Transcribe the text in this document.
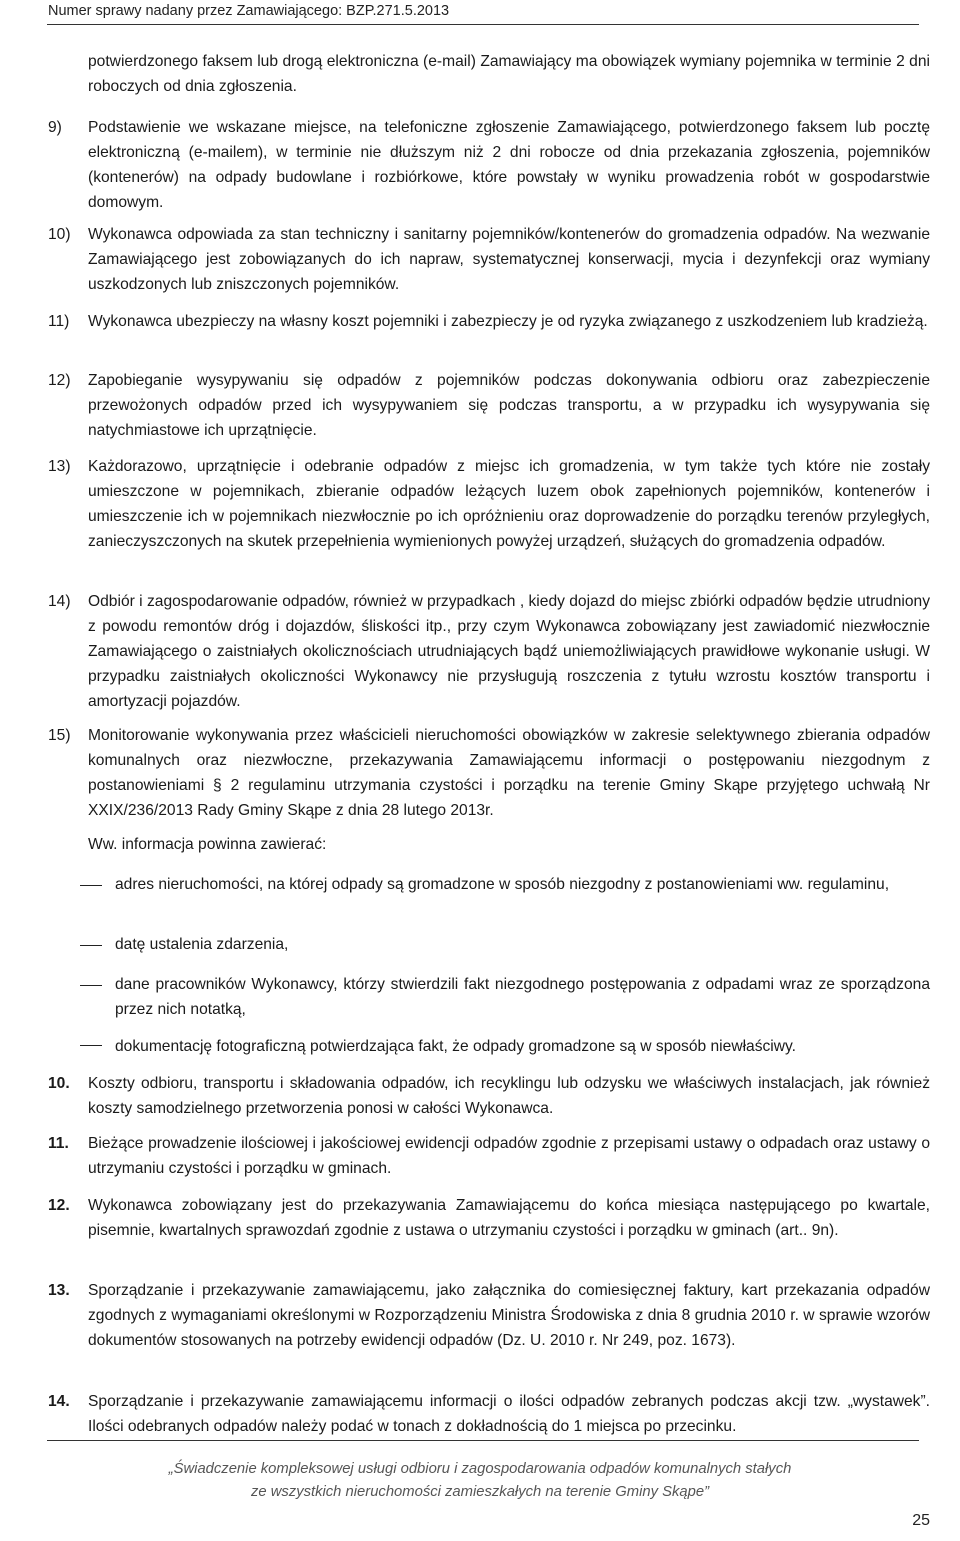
Numer sprawy nadany przez Zamawiającego: BZP.271.5.2013
potwierdzonego faksem lub drogą elektroniczna (e-mail) Zamawiający ma obowiązek wymiany pojemnika w terminie 2 dni roboczych od dnia zgłoszenia.
9) Podstawienie we wskazane miejsce, na telefoniczne zgłoszenie Zamawiającego, potwierdzonego faksem lub pocztę elektroniczną (e-mailem), w terminie nie dłuższym niż 2 dni robocze od dnia przekazania zgłoszenia, pojemników (kontenerów) na odpady budowlane i rozbiórkowe, które powstały w wyniku prowadzenia robót w gospodarstwie domowym.
10) Wykonawca odpowiada za stan techniczny i sanitarny pojemników/kontenerów do gromadzenia odpadów. Na wezwanie Zamawiającego jest zobowiązanych do ich napraw, systematycznej konserwacji, mycia i dezynfekcji oraz wymiany uszkodzonych lub zniszczonych pojemników.
11) Wykonawca ubezpieczy na własny koszt pojemniki i zabezpieczy je od ryzyka związanego z uszkodzeniem lub kradzieżą.
12) Zapobieganie wysypywaniu się odpadów z pojemników podczas dokonywania odbioru oraz zabezpieczenie przewożonych odpadów przed ich wysypywaniem się podczas transportu, a w przypadku ich wysypywania się natychmiastowe ich uprzątnięcie.
13) Każdorazowo, uprzątnięcie i odebranie odpadów z miejsc ich gromadzenia, w tym także tych które nie zostały umieszczone w pojemnikach, zbieranie odpadów leżących luzem obok zapełnionych pojemników, kontenerów i umieszczenie ich w pojemnikach niezwłocznie po ich opróżnieniu oraz doprowadzenie do porządku terenów przyległych, zanieczyszczonych na skutek przepełnienia wymienionych powyżej urządzeń, służących do gromadzenia odpadów.
14) Odbiór i zagospodarowanie odpadów, również w przypadkach , kiedy dojazd do miejsc zbiórki odpadów będzie utrudniony z powodu remontów dróg i dojazdów, śliskości itp., przy czym Wykonawca zobowiązany jest zawiadomić niezwłocznie Zamawiającego o zaistniałych okolicznościach utrudniających bądź uniemożliwiających prawidłowe wykonanie usługi. W przypadku zaistniałych okoliczności Wykonawcy nie przysługują roszczenia z tytułu wzrostu kosztów transportu i amortyzacji pojazdów.
15) Monitorowanie wykonywania przez właścicieli nieruchomości obowiązków w zakresie selektywnego zbierania odpadów komunalnych oraz niezwłoczne, przekazywania Zamawiającemu informacji o postępowaniu niezgodnym z postanowieniami § 2 regulaminu utrzymania czystości i porządku na terenie Gminy Skąpe przyjętego uchwałą Nr XXIX/236/2013 Rady Gminy Skąpe z dnia 28 lutego 2013r.
Ww. informacja powinna zawierać:
adres nieruchomości, na której odpady są gromadzone w sposób niezgodny z postanowieniami ww. regulaminu,
datę ustalenia zdarzenia,
dane pracowników Wykonawcy, którzy stwierdzili fakt niezgodnego postępowania z odpadami wraz ze sporządzona przez nich notatką,
dokumentację fotograficzną potwierdzająca fakt, że odpady gromadzone są w sposób niewłaściwy.
10. Koszty odbioru, transportu i składowania odpadów, ich recyklingu lub odzysku we właściwych instalacjach, jak również koszty samodzielnego przetworzenia ponosi w całości Wykonawca.
11. Bieżące prowadzenie ilościowej i jakościowej ewidencji odpadów zgodnie z przepisami ustawy o odpadach oraz ustawy o utrzymaniu czystości i porządku w gminach.
12. Wykonawca zobowiązany jest do przekazywania Zamawiającemu do końca miesiąca następującego po kwartale, pisemnie, kwartalnych sprawozdań zgodnie z ustawa o utrzymaniu czystości i porządku w gminach (art.. 9n).
13. Sporządzanie i przekazywanie zamawiającemu, jako załącznika do comiesięcznej faktury, kart przekazania odpadów zgodnych z wymaganiami określonymi w Rozporządzeniu Ministra Środowiska z dnia 8 grudnia 2010 r. w sprawie wzorów dokumentów stosowanych na potrzeby ewidencji odpadów (Dz. U. 2010 r. Nr 249, poz. 1673).
14. Sporządzanie i przekazywanie zamawiającemu informacji o ilości odpadów zebranych podczas akcji tzw. „wystawek”. Ilości odebranych odpadów należy podać w tonach z dokładnością do 1 miejsca po przecinku.
„Świadczenie kompleksowej usługi odbioru i zagospodarowania odpadów komunalnych stałych
ze wszystkich nieruchomości zamieszkałych na terenie Gminy Skąpe”
25
